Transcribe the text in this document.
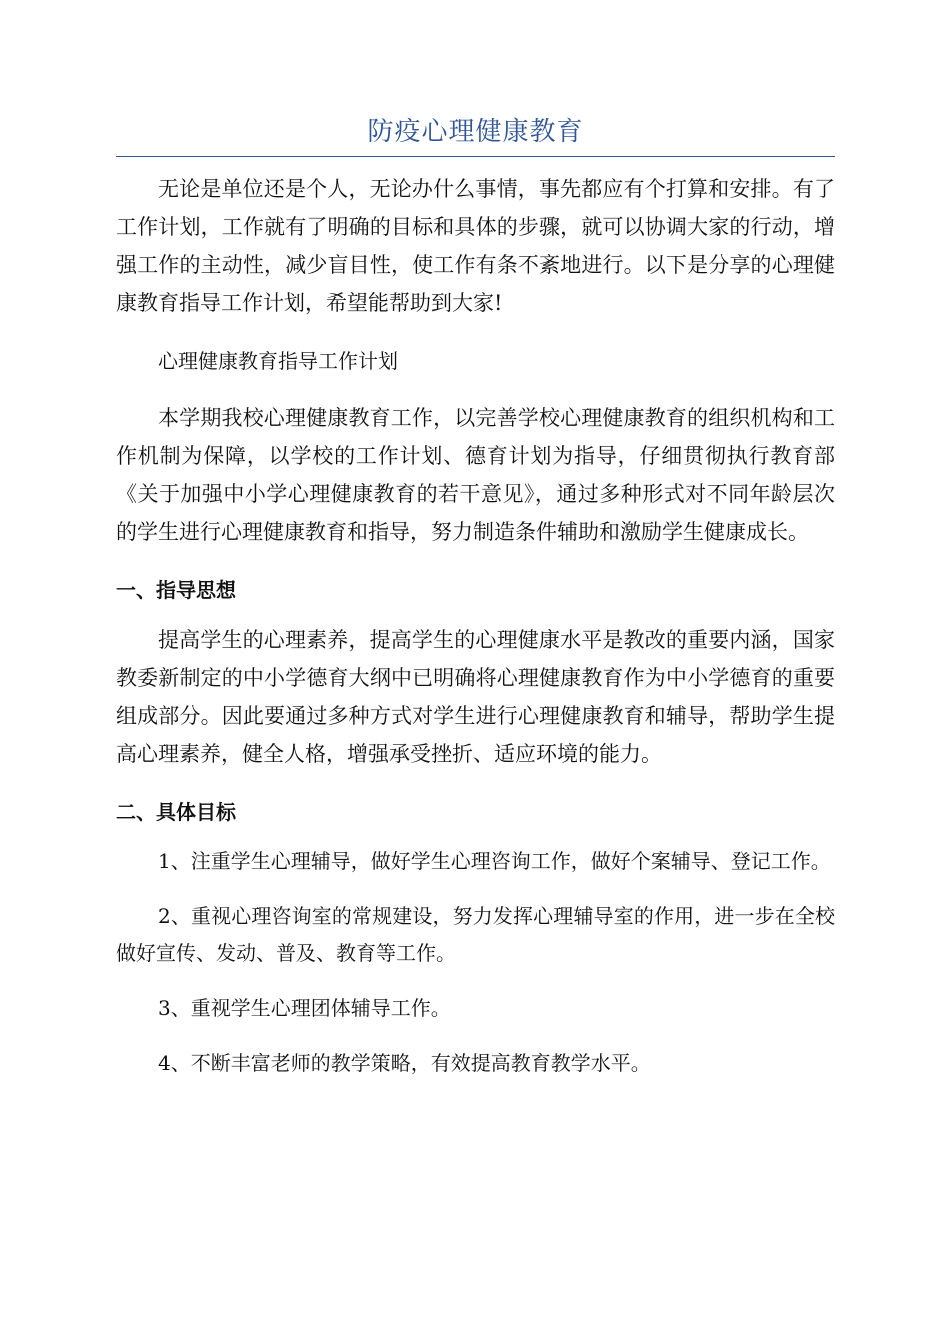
防疫心理健康教育

无论是单位还是个人，无论办什么事情，事先都应有个打算和安排。有了工作计划，工作就有了明确的目标和具体的步骤，就可以协调大家的行动，增强工作的主动性，减少盲目性，使工作有条不紊地进行。以下是分享的心理健康教育指导工作计划，希望能帮助到大家!

心理健康教育指导工作计划

本学期我校心理健康教育工作，以完善学校心理健康教育的组织机构和工作机制为保障，以学校的工作计划、德育计划为指导，仔细贯彻执行教育部《关于加强中小学心理健康教育的若干意见》，通过多种形式对不同年龄层次的学生进行心理健康教育和指导，努力制造条件辅助和激励学生健康成长。

一、指导思想

提高学生的心理素养，提高学生的心理健康水平是教改的重要内涵，国家教委新制定的中小学德育大纲中已明确将心理健康教育作为中小学德育的重要组成部分。因此要通过多种方式对学生进行心理健康教育和辅导，帮助学生提高心理素养，健全人格，增强承受挫折、适应环境的能力。

二、具体目标

1、注重学生心理辅导，做好学生心理咨询工作，做好个案辅导、登记工作。

2、重视心理咨询室的常规建设，努力发挥心理辅导室的作用，进一步在全校做好宣传、发动、普及、教育等工作。

3、重视学生心理团体辅导工作。

4、不断丰富老师的教学策略，有效提高教育教学水平。
